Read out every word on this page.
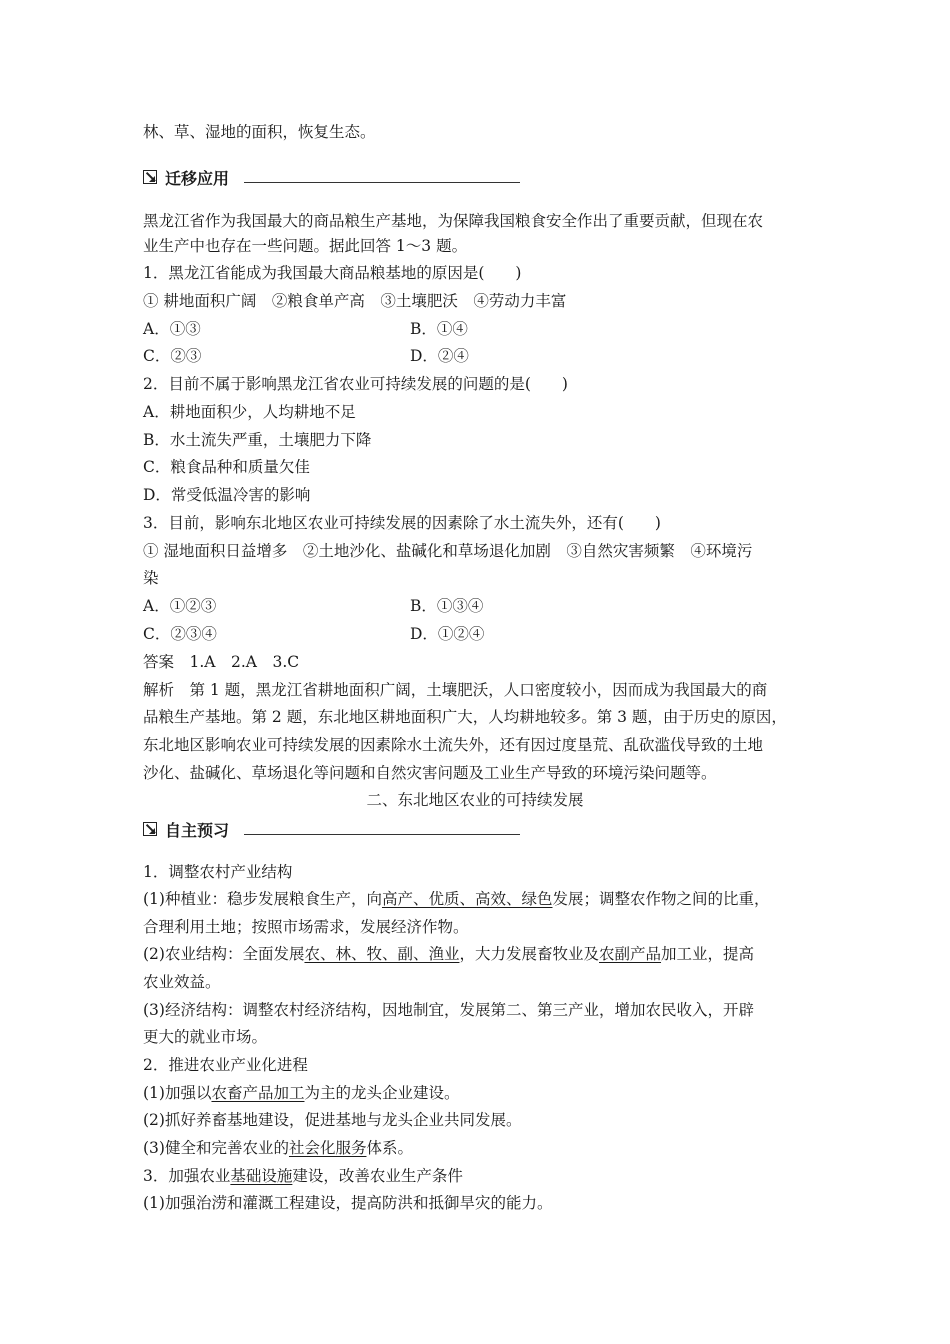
林、草、湿地的面积，恢复生态。
迁移应用
黑龙江省作为我国最大的商品粮生产基地，为保障我国粮食安全作出了重要贡献，但现在农
业生产中也存在一些问题。据此回答 1～3 题。
1．黑龙江省能成为我国最大商品粮基地的原因是(　　)
① 耕地面积广阔　②粮食单产高　③土壤肥沃　④劳动力丰富
A．①③	B．①④
C．②③	D．②④
2．目前不属于影响黑龙江省农业可持续发展的问题的是(　　)
A．耕地面积少，人均耕地不足
B．水土流失严重，土壤肥力下降
C．粮食品种和质量欠佳
D．常受低温冷害的影响
3．目前，影响东北地区农业可持续发展的因素除了水土流失外，还有(　　)
① 湿地面积日益增多　②土地沙化、盐碱化和草场退化加剧　③自然灾害频繁　④环境污
染
A．①②③	B．①③④
C．②③④	D．①②④
答案　1.A　2.A　3.C
解析　第 1 题，黑龙江省耕地面积广阔，土壤肥沃，人口密度较小，因而成为我国最大的商
品粮生产基地。第 2 题，东北地区耕地面积广大，人均耕地较多。第 3 题，由于历史的原因，
东北地区影响农业可持续发展的因素除水土流失外，还有因过度垦荒、乱砍滥伐导致的土地
沙化、盐碱化、草场退化等问题和自然灾害问题及工业生产导致的环境污染问题等。
二、东北地区农业的可持续发展
自主预习
1．调整农村产业结构
(1)种植业：稳步发展粮食生产，向高产、优质、高效、绿色发展；调整农作物之间的比重，
合理利用土地；按照市场需求，发展经济作物。
(2)农业结构：全面发展农、林、牧、副、渔业，大力发展畜牧业及农副产品加工业，提高
农业效益。
(3)经济结构：调整农村经济结构，因地制宜，发展第二、第三产业，增加农民收入，开辟
更大的就业市场。
2．推进农业产业化进程
(1)加强以农畜产品加工为主的龙头企业建设。
(2)抓好养畜基地建设，促进基地与龙头企业共同发展。
(3)健全和完善农业的社会化服务体系。
3．加强农业基础设施建设，改善农业生产条件
(1)加强治涝和灌溉工程建设，提高防洪和抵御旱灾的能力。
